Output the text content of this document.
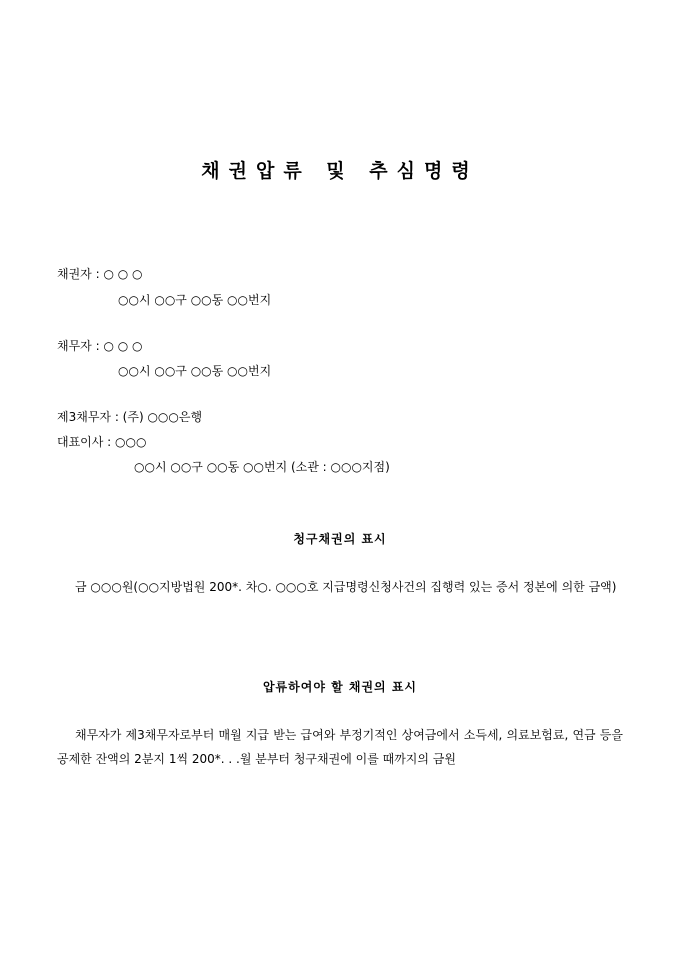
채권압류 및 추심명령
채권자 : ○ ○ ○
○○시 ○○구 ○○동 ○○번지
채무자 : ○ ○ ○
○○시 ○○구 ○○동 ○○번지
제3채무자 : (주) ○○○은행
대표이사 : ○○○
○○시 ○○구 ○○동 ○○번지 (소관 : ○○○지점)
청구채권의 표시
금 ○○○원(○○지방법원 200*. 차○. ○○○호 지급명령신청사건의 집행력 있는 증서 정본에 의한 금액)
압류하여야 할 채권의 표시
채무자가 제3채무자로부터 매월 지급 받는 급여와 부정기적인 상여금에서 소득세, 의료보험료, 연금 등을 공제한 잔액의 2분지 1씩 200*. . .월 분부터 청구채권에 이를 때까지의 금원
